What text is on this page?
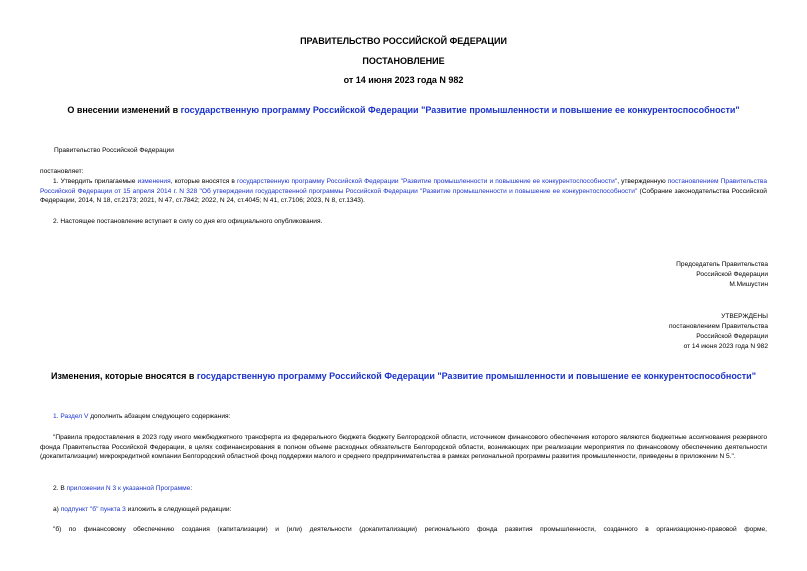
ПРАВИТЕЛЬСТВО РОССИЙСКОЙ ФЕДЕРАЦИИ
ПОСТАНОВЛЕНИЕ
от 14 июня 2023 года N 982
О внесении изменений в государственную программу Российской Федерации "Развитие промышленности и повышение ее конкурентоспособности"
Правительство Российской Федерации
постановляет:
1. Утвердить прилагаемые изменения, которые вносятся в государственную программу Российской Федерации "Развитие промышленности и повышение ее конкурентоспособности", утвержденную постановлением Правительства Российской Федерации от 15 апреля 2014 г. N 328 "Об утверждении государственной программы Российской Федерации "Развитие промышленности и повышение ее конкурентоспособности" (Собрание законодательства Российской Федерации, 2014, N 18, ст.2173; 2021, N 47, ст.7842; 2022, N 24, ст.4045; N 41, ст.7106; 2023, N 8, ст.1343).
2. Настоящее постановление вступает в силу со дня его официального опубликования.
Председатель Правительства
Российской Федерации
М.Мишустин
УТВЕРЖДЕНЫ
постановлением Правительства
Российской Федерации
от 14 июня 2023 года N 982
Изменения, которые вносятся в государственную программу Российской Федерации "Развитие промышленности и повышение ее конкурентоспособности"
1. Раздел V дополнить абзацем следующего содержания:
"Правила предоставления в 2023 году иного межбюджетного трансферта из федерального бюджета бюджету Белгородской области, источником финансового обеспечения которого являются бюджетные ассигнования резервного фонда Правительства Российской Федерации, в целях софинансирования в полном объеме расходных обязательств Белгородской области, возникающих при реализации мероприятия по финансовому обеспечению деятельности (докапитализации) микрокредитной компании Белгородский областной фонд поддержки малого и среднего предпринимательства в рамках региональной программы развития промышленности, приведены в приложении N 5.".
2. В приложении N 3 к указанной Программе:
а) подпункт "б" пункта 3 изложить в следующей редакции:
"б) по финансовому обеспечению создания (капитализации) и (или) деятельности (докапитализации) регионального фонда развития промышленности, созданного в организационно-правовой форме,
